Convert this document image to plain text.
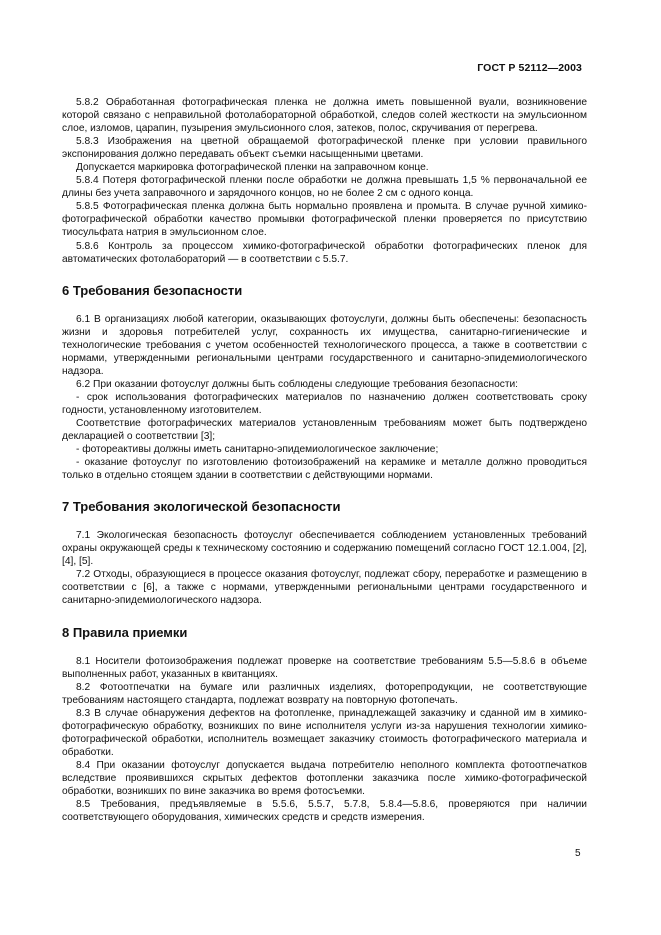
ГОСТ Р 52112—2003

5.8.2 Обработанная фотографическая пленка не должна иметь повышенной вуали, возникновение которой связано с неправильной фотолабораторной обработкой, следов солей жесткости на эмульсионном слое, изломов, царапин, пузырения эмульсионного слоя, затеков, полос, скручивания от перегрева.

5.8.3 Изображения на цветной обращаемой фотографической пленке при условии правильного экспонирования должно передавать объект съемки насыщенными цветами.

Допускается маркировка фотографической пленки на заправочном конце.

5.8.4 Потеря фотографической пленки после обработки не должна превышать 1,5 % первоначальной ее длины без учета заправочного и зарядочного концов, но не более 2 см с одного конца.

5.8.5 Фотографическая пленка должна быть нормально проявлена и промыта. В случае ручной химико-фотографической обработки качество промывки фотографической пленки проверяется по присутствию тиосульфата натрия в эмульсионном слое.

5.8.6 Контроль за процессом химико-фотографической обработки фотографических пленок для автоматических фотолабораторий — в соответствии с 5.5.7.

6 Требования безопасности

6.1 В организациях любой категории, оказывающих фотоуслуги, должны быть обеспечены: безопасность жизни и здоровья потребителей услуг, сохранность их имущества, санитарно-гигиенические и технологические требования с учетом особенностей технологического процесса, а также в соответствии с нормами, утвержденными региональными центрами государственного и санитарно-эпидемиологического надзора.

6.2 При оказании фотоуслуг должны быть соблюдены следующие требования безопасности:

- срок использования фотографических материалов по назначению должен соответствовать сроку годности, установленному изготовителем.

Соответствие фотографических материалов установленным требованиям может быть подтверждено декларацией о соответствии [3];

- фотореактивы должны иметь санитарно-эпидемиологическое заключение;

- оказание фотоуслуг по изготовлению фотоизображений на керамике и металле должно проводиться только в отдельно стоящем здании в соответствии с действующими нормами.

7 Требования экологической безопасности

7.1 Экологическая безопасность фотоуслуг обеспечивается соблюдением установленных требований охраны окружающей среды к техническому состоянию и содержанию помещений согласно ГОСТ 12.1.004, [2], [4], [5].

7.2 Отходы, образующиеся в процессе оказания фотоуслуг, подлежат сбору, переработке и размещению в соответствии с [6], а также с нормами, утвержденными региональными центрами государственного и санитарно-эпидемиологического надзора.

8 Правила приемки

8.1 Носители фотоизображения подлежат проверке на соответствие требованиям 5.5—5.8.6 в объеме выполненных работ, указанных в квитанциях.

8.2 Фотоотпечатки на бумаге или различных изделиях, фоторепродукции, не соответствующие требованиям настоящего стандарта, подлежат возврату на повторную фотопечать.

8.3 В случае обнаружения дефектов на фотопленке, принадлежащей заказчику и сданной им в химико-фотографическую обработку, возникших по вине исполнителя услуги из-за нарушения технологии химико-фотографической обработки, исполнитель возмещает заказчику стоимость фотографического материала и обработки.

8.4 При оказании фотоуслуг допускается выдача потребителю неполного комплекта фотоотпечатков вследствие проявившихся скрытых дефектов фотопленки заказчика после химико-фотографической обработки, возникших по вине заказчика во время фотосъемки.

8.5 Требования, предъявляемые в 5.5.6, 5.5.7, 5.7.8, 5.8.4—5.8.6, проверяются при наличии соответствующего оборудования, химических средств и средств измерения.

5
